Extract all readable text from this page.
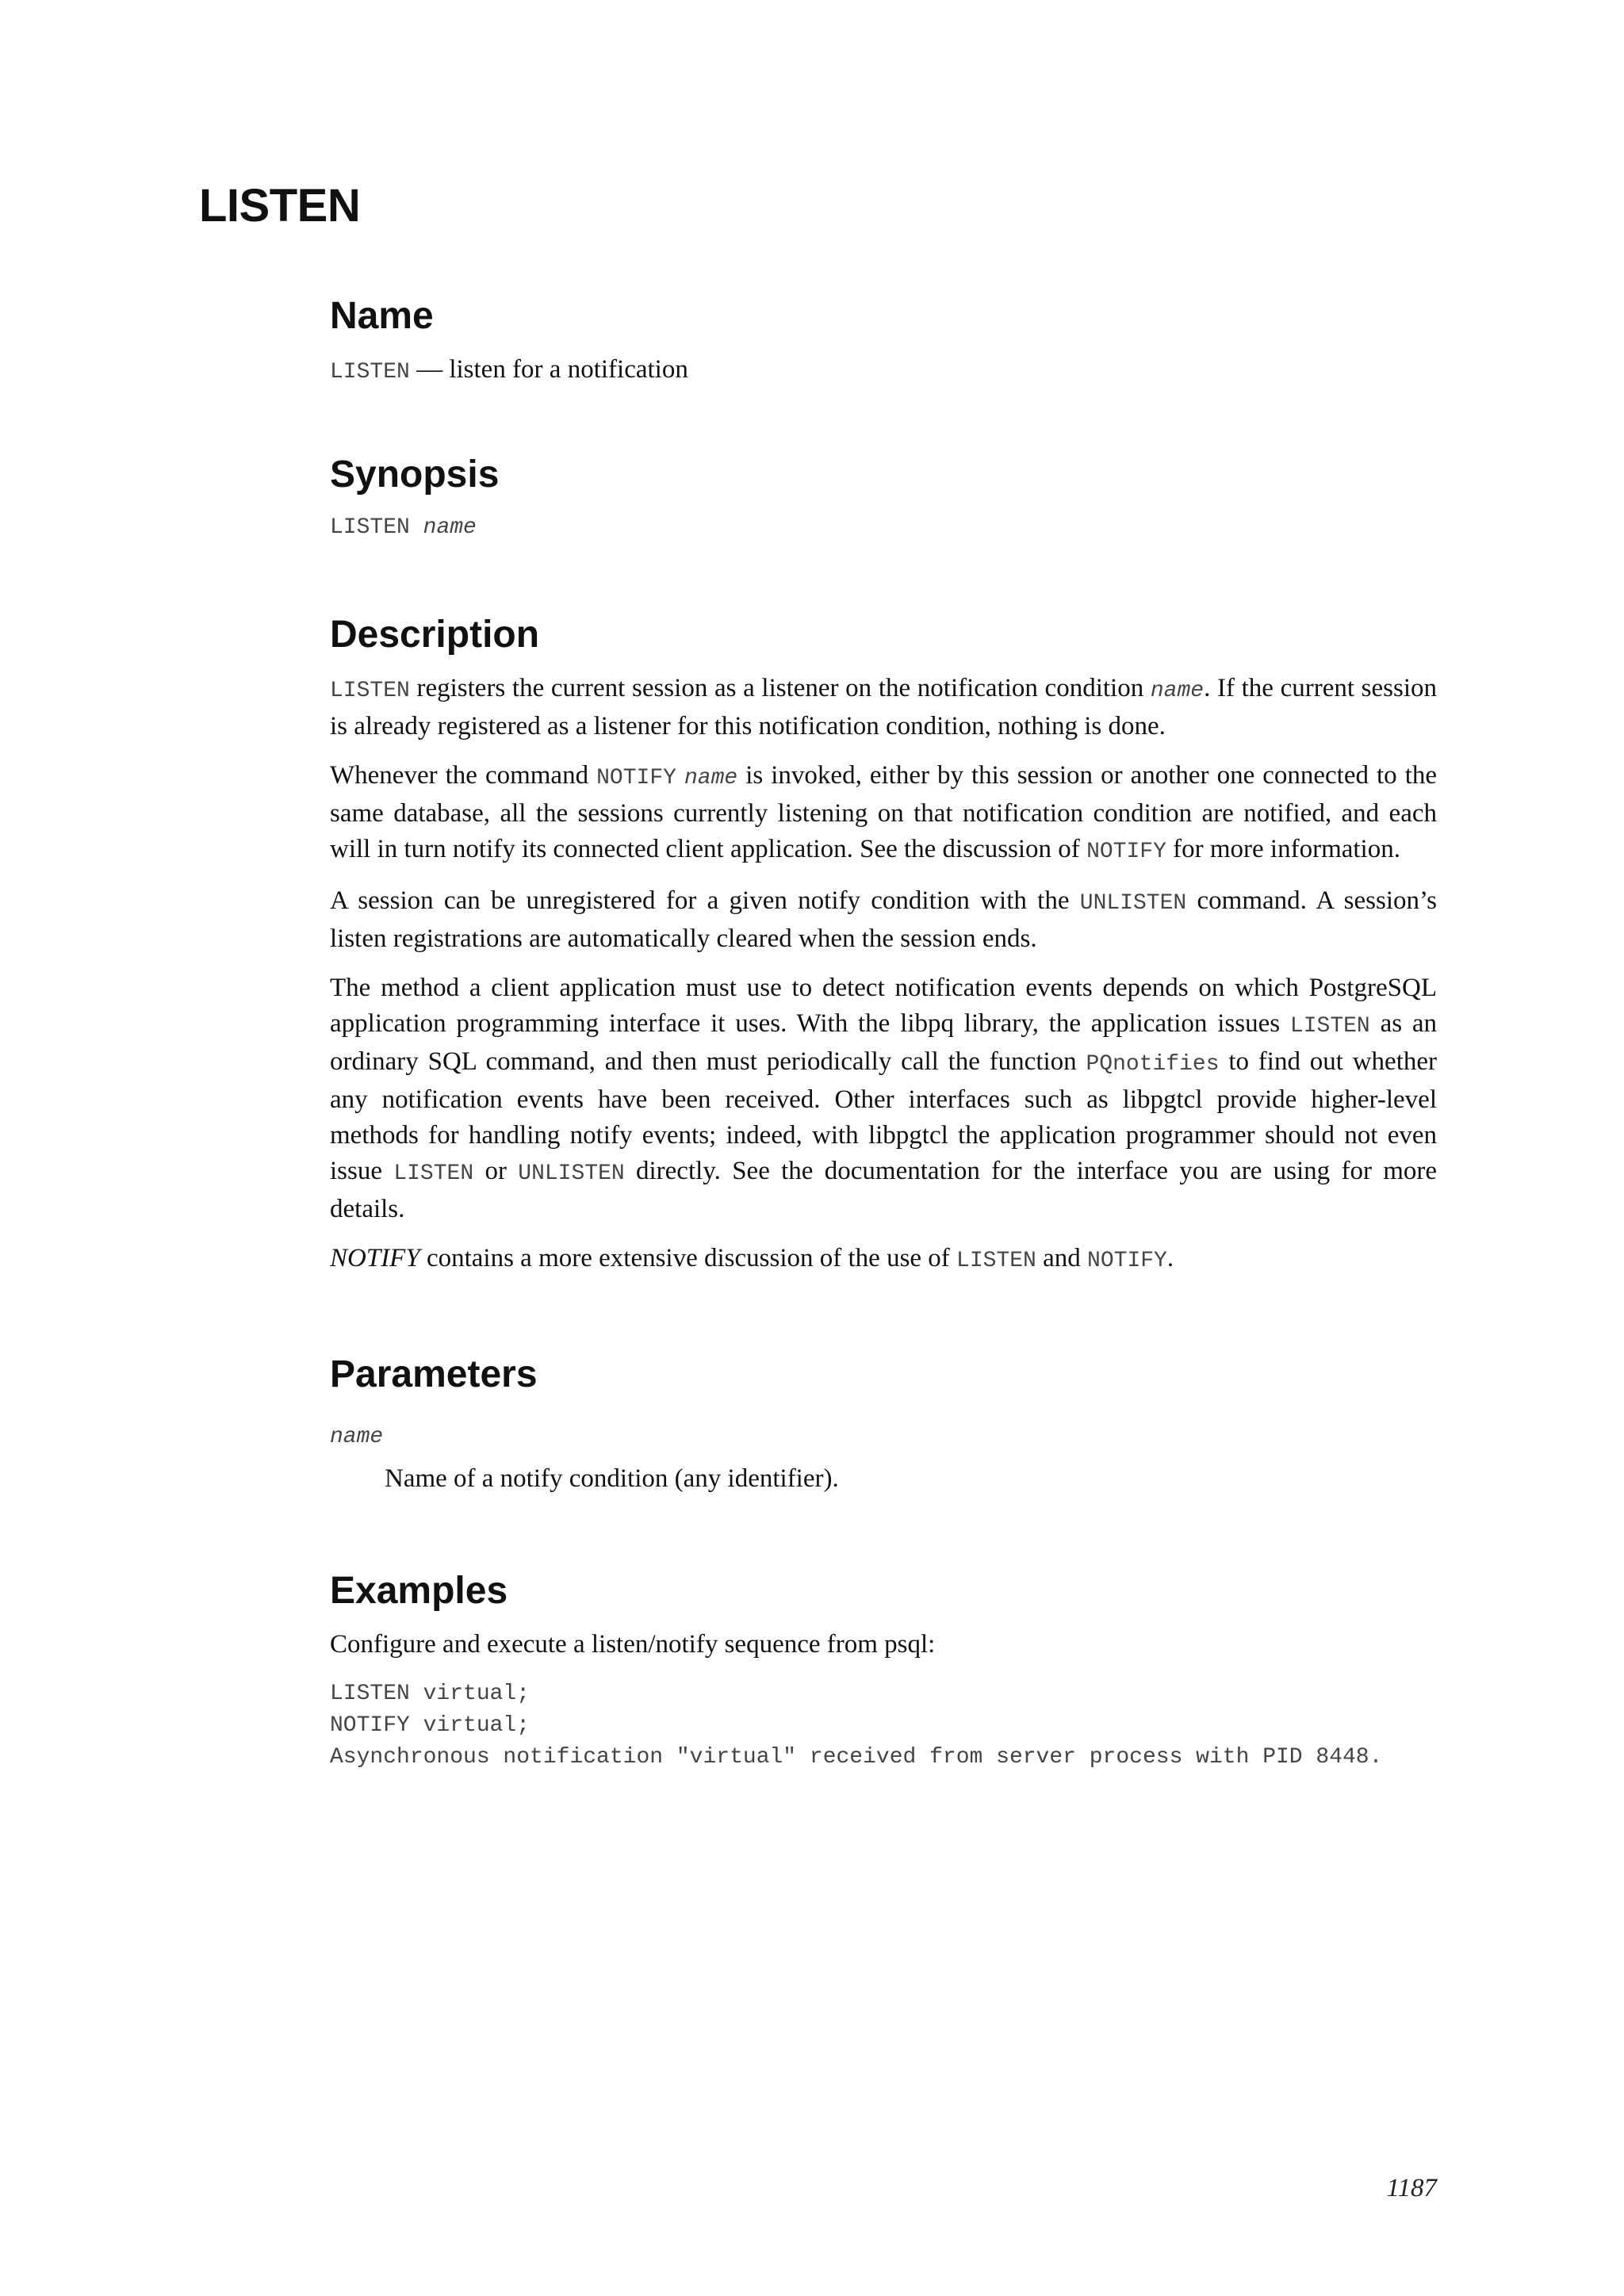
LISTEN
Name

LISTEN — listen for a notification

Synopsis
LISTEN name
Description

LISTEN registers the current session as a listener on the notification condition name. If the current session is already registered as a listener for this notification condition, nothing is done.

Whenever the command NOTIFY name is invoked, either by this session or another one connected to the same database, all the sessions currently listening on that notification condition are notified, and each will in turn notify its connected client application. See the discussion of NOTIFY for more information.

A session can be unregistered for a given notify condition with the UNLISTEN command. A session’s listen registrations are automatically cleared when the session ends.

The method a client application must use to detect notification events depends on which PostgreSQL application programming interface it uses. With the libpq library, the application issues LISTEN as an ordinary SQL command, and then must periodically call the function PQnotifies to find out whether any notification events have been received. Other interfaces such as libpgtcl provide higher-level methods for handling notify events; indeed, with libpgtcl the application programmer should not even issue LISTEN or UNLISTEN directly. See the documentation for the interface you are using for more details.

NOTIFY contains a more extensive discussion of the use of LISTEN and NOTIFY.

Parameters
name

Name of a notify condition (any identifier).

Examples

Configure and execute a listen/notify sequence from psql:

LISTEN virtual;
NOTIFY virtual;
Asynchronous notification "virtual" received from server process with PID 8448.
1187
